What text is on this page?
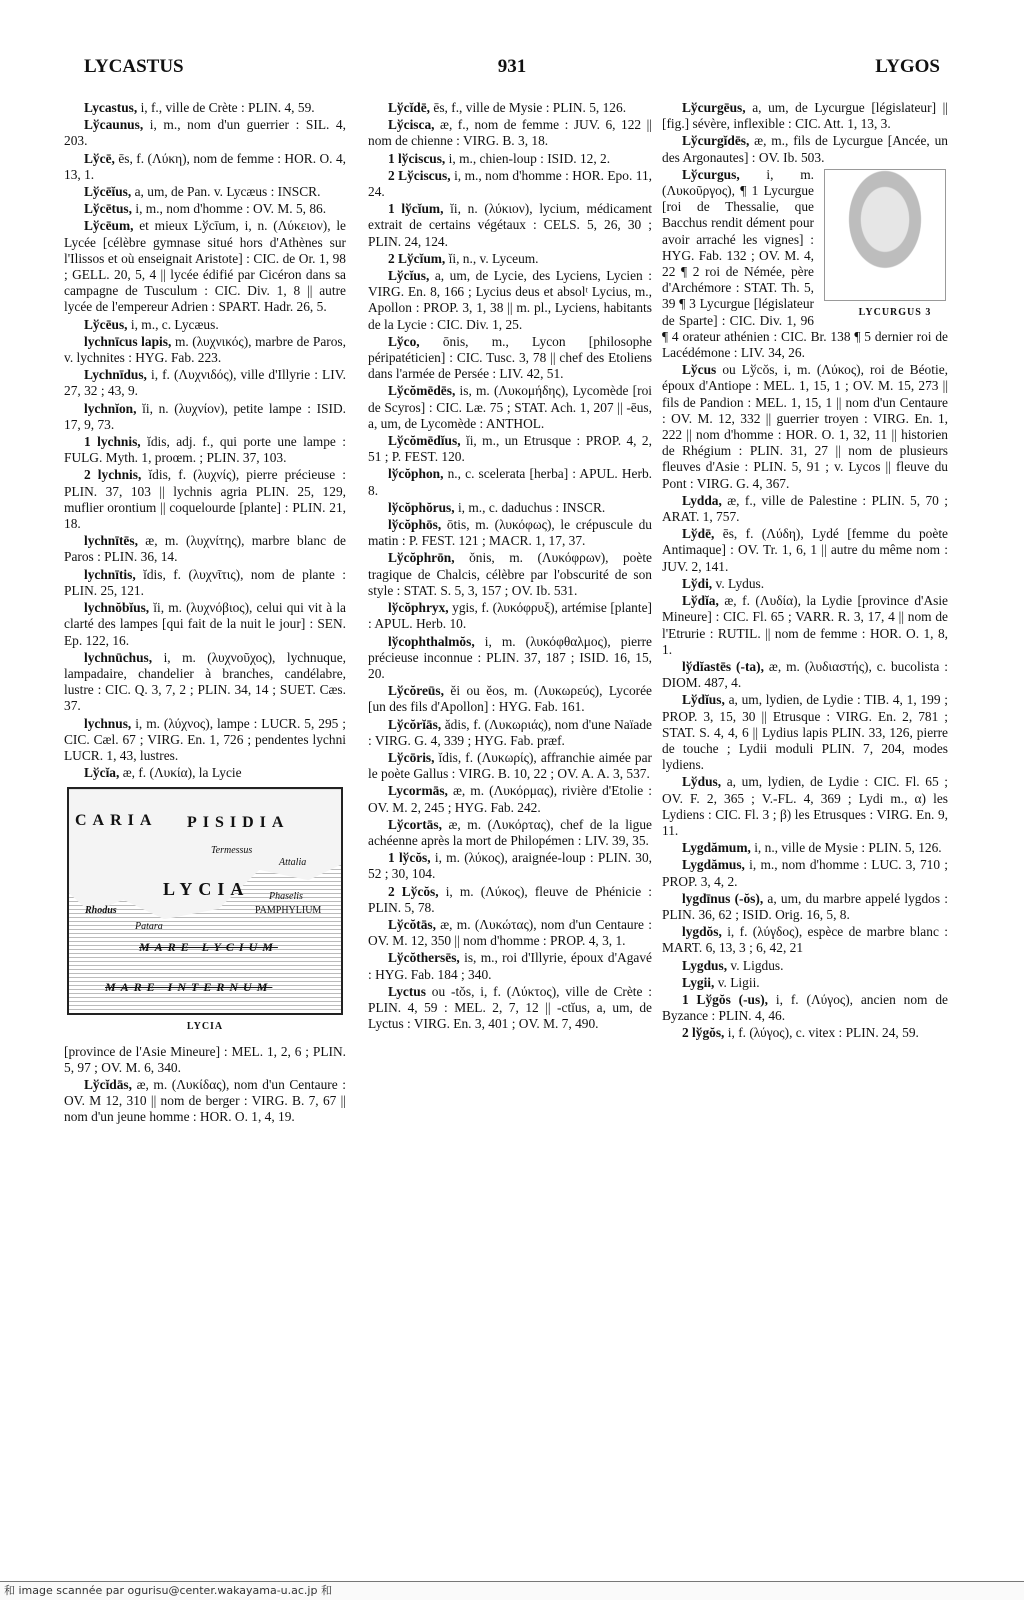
LYCASTUS	931	LYGOS
Lycastus, i, f., ville de Crète : PLIN. 4, 59.
Lўcaunus, i, m., nom d'un guerrier : SIL. 4, 203.
Lўcē, ēs, f. (Λύκη), nom de femme : HOR. O. 4, 13, 1.
Lўcēĭus, a, um, de Pan. v. Lycæus : INSCR.
Lўcētus, i, m., nom d'homme : OV. M. 5, 86.
Lўcēum, et mieux Lўcīum, i, n. (Λύκειον), le Lycée [célèbre gymnase situé hors d'Athènes sur l'Ilissos et où enseignait Aristote] : CIC. de Or. 1, 98 ; GELL. 20, 5, 4 || lycée édifié par Cicéron dans sa campagne de Tusculum : CIC. Div. 1, 8 || autre lycée de l'empereur Adrien : SPART. Hadr. 26, 5.
Lўcēus, i, m., c. Lycæus.
lychnīcus lapis, m. (λυχνικός), marbre de Paros, v. lychnites : HYG. Fab. 223.
Lychnīdus, i, f. (Λυχνιδός), ville d'Illyrie : LIV. 27, 32 ; 43, 9.
lychnĭon, ĭi, n. (λυχνίον), petite lampe : ISID. 17, 9, 73.
1 lychnis, ĭdis, adj. f., qui porte une lampe : FULG. Myth. 1, proœm. ; PLIN. 37, 103.
2 lychnis, ĭdis, f. (λυχνίς), pierre précieuse : PLIN. 37, 103 || lychnis agria PLIN. 25, 129, muflier orontium || coquelourde [plante] : PLIN. 21, 18.
lychnītēs, æ, m. (λυχνίτης), marbre blanc de Paros : PLIN. 36, 14.
lychnītis, ĭdis, f. (λυχνῖτις), nom de plante : PLIN. 25, 121.
lychnŏbĭus, ĭi, m. (λυχνόβιος), celui qui vit à la clarté des lampes [qui fait de la nuit le jour] : SEN. Ep. 122, 16.
lychnūchus, i, m. (λυχνοῦχος), lychnuque, lampadaire, chandelier à branches, candélabre, lustre : CIC. Q. 3, 7, 2 ; PLIN. 34, 14 ; SUET. Cæs. 37.
lychnus, i, m. (λύχνος), lampe : LUCR. 5, 295 ; CIC. Cæl. 67 ; VIRG. En. 1, 726 ; pendentes lychni LUCR. 1, 43, lustres.
Lўcĭa, æ, f. (Λυκία), la Lycie
CARIA PISIDIA
LYCIA
Termessus
Attalia
Rhodus
Phaselis
PAMPHYLIUM
MARE LYCIUM
MARE INTERNUM
Patara
LYCIA
[province de l'Asie Mineure] : MEL. 1, 2, 6 ; PLIN. 5, 97 ; OV. M. 6, 340.
Lўcĭdās, æ, m. (Λυκίδας), nom d'un Centaure : OV. M 12, 310 || nom de berger : VIRG. B. 7, 67 || nom d'un jeune homme : HOR. O. 1, 4, 19.
Lўcĭdē, ēs, f., ville de Mysie : PLIN. 5, 126.
Lўcisca, æ, f., nom de femme : JUV. 6, 122 || nom de chienne : VIRG. B. 3, 18.
1 lўciscus, i, m., chien-loup : ISID. 12, 2.
2 Lўciscus, i, m., nom d'homme : HOR. Epo. 11, 24.
1 lўcĭum, ĭi, n. (λύκιον), lycium, médicament extrait de certains végétaux : CELS. 5, 26, 30 ; PLIN. 24, 124.
2 Lўcĭum, ĭi, n., v. Lyceum.
Lўcĭus, a, um, de Lycie, des Lyciens, Lycien : VIRG. En. 8, 166 ; Lycius deus et absolᵗ Lycius, m., Apollon : PROP. 3, 1, 38 || m. pl., Lyciens, habitants de la Lycie : CIC. Div. 1, 25.
Lўco, ōnis, m., Lycon [philosophe péripatéticien] : CIC. Tusc. 3, 78 || chef des Etoliens dans l'armée de Persée : LIV. 42, 51.
Lўcŏmēdēs, is, m. (Λυκομήδης), Lycomède [roi de Scyros] : CIC. Læ. 75 ; STAT. Ach. 1, 207 || -ēus, a, um, de Lycomède : ANTHOL.
Lўcŏmēdĭus, ĭi, m., un Etrusque : PROP. 4, 2, 51 ; P. FEST. 120.
lўcŏphon, n., c. scelerata [herba] : APUL. Herb. 8.
lўcŏphŏrus, i, m., c. daduchus : INSCR.
lўcŏphōs, ōtis, m. (λυκόφως), le crépuscule du matin : P. FEST. 121 ; MACR. 1, 17, 37.
Lўcŏphrōn, ŏnis, m. (Λυκόφρων), poète tragique de Chalcis, célèbre par l'obscurité de son style : STAT. S. 5, 3, 157 ; OV. Ib. 531.
lўcŏphryx, ygis, f. (λυκόφρυξ), artémise [plante] : APUL. Herb. 10.
lўcophthalmŏs, i, m. (λυκόφθαλμος), pierre précieuse inconnue : PLIN. 37, 187 ; ISID. 16, 15, 20.
Lўcŏreūs, ĕi ou ĕos, m. (Λυκωρεύς), Lycorée [un des fils d'Apollon] : HYG. Fab. 161.
Lўcŏrĭās, ădis, f. (Λυκωριάς), nom d'une Naïade : VIRG. G. 4, 339 ; HYG. Fab. præf.
Lўcōris, ĭdis, f. (Λυκωρίς), affranchie aimée par le poète Gallus : VIRG. B. 10, 22 ; OV. A. A. 3, 537.
Lycormās, æ, m. (Λυκόρμας), rivière d'Etolie : OV. M. 2, 245 ; HYG. Fab. 242.
Lўcortās, æ, m. (Λυκόρτας), chef de la ligue achéenne après la mort de Philopémen : LIV. 39, 35.
1 lўcŏs, i, m. (λύκος), araignée-loup : PLIN. 30, 52 ; 30, 104.
2 Lўcŏs, i, m. (Λύκος), fleuve de Phénicie : PLIN. 5, 78.
Lўcŏtās, æ, m. (Λυκώτας), nom d'un Centaure : OV. M. 12, 350 || nom d'homme : PROP. 4, 3, 1.
Lўcŏthersēs, is, m., roi d'Illyrie, époux d'Agavé : HYG. Fab. 184 ; 340.
Lyctus ou -tŏs, i, f. (Λύκτος), ville de Crète : PLIN. 4, 59 : MEL. 2, 7, 12 || -ctĭus, a, um, de Lyctus : VIRG. En. 3, 401 ; OV. M. 7, 490.
Lўcurgēus, a, um, de Lycurgue [législateur] || [fig.] sévère, inflexible : CIC. Att. 1, 13, 3.
Lўcurgĭdēs, æ, m., fils de Lycurgue [Ancée, un des Argonautes] : OV. Ib. 503.
LYCURGUS 3
Lўcurgus, i, m. (Λυκοῦργος), ¶ 1 Lycurgue [roi de Thessalie, que Bacchus rendit dément pour avoir arraché les vignes] : HYG. Fab. 132 ; OV. M. 4, 22 ¶ 2 roi de Némée, père d'Archémore : STAT. Th. 5, 39 ¶ 3 Lycurgue [législateur de Sparte] : CIC. Div. 1, 96 ¶ 4 orateur athénien : CIC. Br. 138 ¶ 5 dernier roi de Lacédémone : LIV. 34, 26.
Lўcus ou Lўcŏs, i, m. (Λύκος), roi de Béotie, époux d'Antiope : MEL. 1, 15, 1 ; OV. M. 15, 273 || fils de Pandion : MEL. 1, 15, 1 || nom d'un Centaure : OV. M. 12, 332 || guerrier troyen : VIRG. En. 1, 222 || nom d'homme : HOR. O. 1, 32, 11 || historien de Rhégium : PLIN. 31, 27 || nom de plusieurs fleuves d'Asie : PLIN. 5, 91 ; v. Lycos || fleuve du Pont : VIRG. G. 4, 367.
Lydda, æ, f., ville de Palestine : PLIN. 5, 70 ; ARAT. 1, 757.
Lўdē, ēs, f. (Λύδη), Lydé [femme du poète Antimaque] : OV. Tr. 1, 6, 1 || autre du même nom : JUV. 2, 141.
Lўdi, v. Lydus.
Lўdĭa, æ, f. (Λυδία), la Lydie [province d'Asie Mineure] : CIC. Fl. 65 ; VARR. R. 3, 17, 4 || nom de l'Etrurie : RUTIL. || nom de femme : HOR. O. 1, 8, 1.
lўdĭastēs (-ta), æ, m. (λυδιαστής), c. bucolista : DIOM. 487, 4.
Lўdĭus, a, um, lydien, de Lydie : TIB. 4, 1, 199 ; PROP. 3, 15, 30 || Etrusque : VIRG. En. 2, 781 ; STAT. S. 4, 4, 6 || Lydius lapis PLIN. 33, 126, pierre de touche ; Lydii moduli PLIN. 7, 204, modes lydiens.
Lўdus, a, um, lydien, de Lydie : CIC. Fl. 65 ; OV. F. 2, 365 ; V.-FL. 4, 369 ; Lydi m., α) les Lydiens : CIC. Fl. 3 ; β) les Etrusques : VIRG. En. 9, 11.
Lygdămum, i, n., ville de Mysie : PLIN. 5, 126.
Lygdămus, i, m., nom d'homme : LUC. 3, 710 ; PROP. 3, 4, 2.
lygdīnus (-ŏs), a, um, du marbre appelé lygdos : PLIN. 36, 62 ; ISID. Orig. 16, 5, 8.
lygdŏs, i, f. (λύγδος), espèce de marbre blanc : MART. 6, 13, 3 ; 6, 42, 21
Lygdus, v. Ligdus.
Lygii, v. Ligii.
1 Lўgŏs (-us), i, f. (Λύγος), ancien nom de Byzance : PLIN. 4, 46.
2 lўgŏs, i, f. (λύγος), c. vitex : PLIN. 24, 59.
和 image scannée par ogurisu@center.wakayama-u.ac.jp 和
